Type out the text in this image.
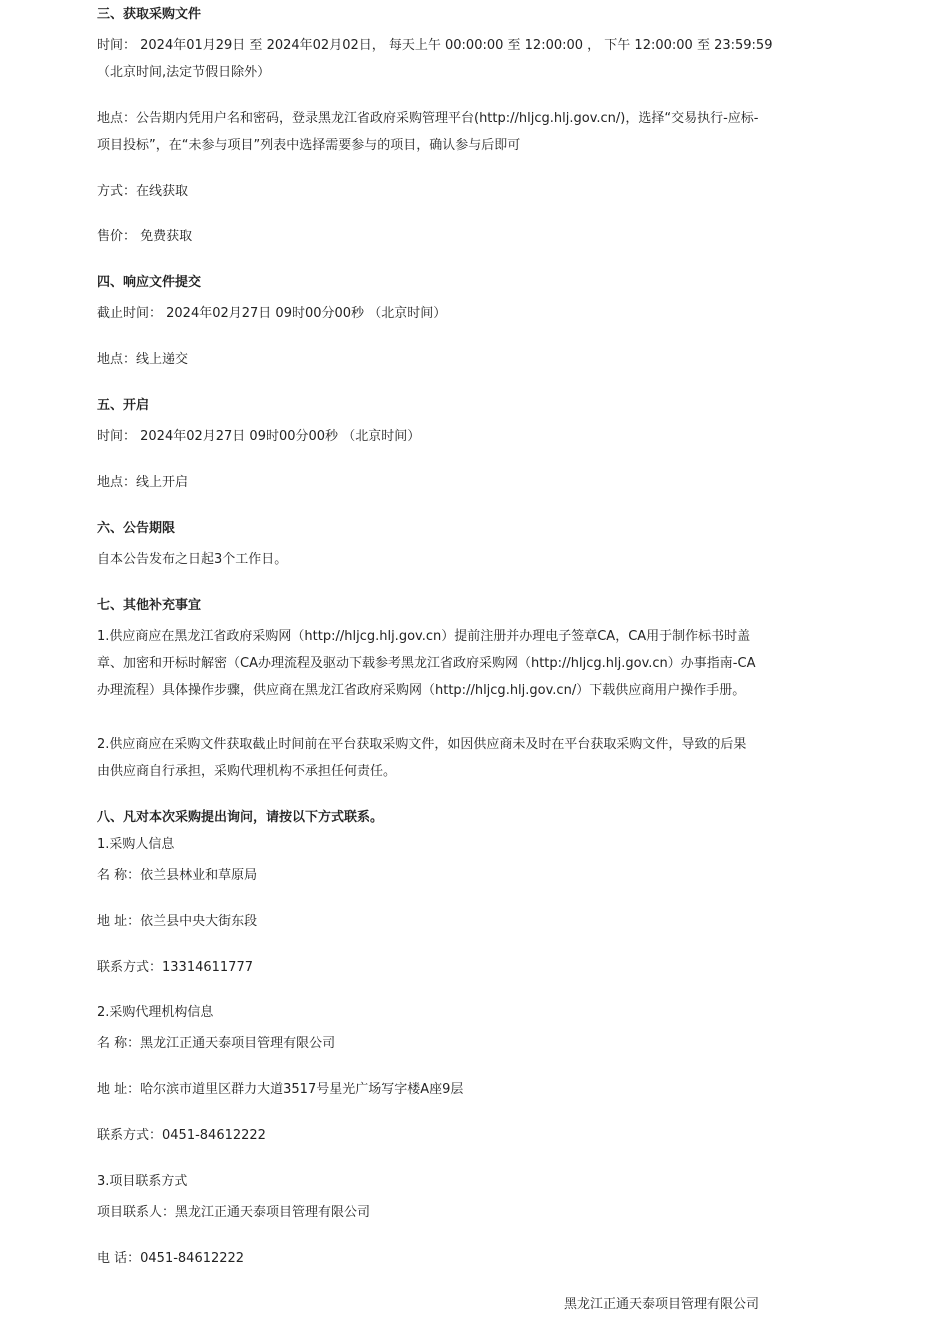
三、获取采购文件
时间： 2024年01月29日 至 2024年02月02日， 每天上午 00:00:00 至 12:00:00 ， 下午 12:00:00 至 23:59:59
（北京时间,法定节假日除外）
地点：公告期内凭用户名和密码，登录黑龙江省政府采购管理平台(http://hljcg.hlj.gov.cn/)，选择“交易执行-应标-项目投标”，在“未参与项目”列表中选择需要参与的项目，确认参与后即可
方式：在线获取
售价： 免费获取
四、响应文件提交
截止时间： 2024年02月27日 09时00分00秒 （北京时间）
地点：线上递交
五、开启
时间： 2024年02月27日 09时00分00秒 （北京时间）
地点：线上开启
六、公告期限
自本公告发布之日起3个工作日。
七、其他补充事宜
1.供应商应在黑龙江省政府采购网（http://hljcg.hlj.gov.cn）提前注册并办理电子签章CA，CA用于制作标书时盖章、加密和开标时解密（CA办理流程及驱动下载参考黑龙江省政府采购网（http://hljcg.hlj.gov.cn）办事指南-CA办理流程）具体操作步骤，供应商在黑龙江省政府采购网（http://hljcg.hlj.gov.cn/）下载供应商用户操作手册。
2.供应商应在采购文件获取截止时间前在平台获取采购文件，如因供应商未及时在平台获取采购文件，导致的后果由供应商自行承担，采购代理机构不承担任何责任。
八、凡对本次采购提出询问，请按以下方式联系。
1.采购人信息
名 称：依兰县林业和草原局
地 址：依兰县中央大街东段
联系方式：13314611777
2.采购代理机构信息
名 称：黑龙江正通天泰项目管理有限公司
地 址：哈尔滨市道里区群力大道3517号星光广场写字楼A座9层
联系方式：0451-84612222
3.项目联系方式
项目联系人：黑龙江正通天泰项目管理有限公司
电 话：0451-84612222
黑龙江正通天泰项目管理有限公司
